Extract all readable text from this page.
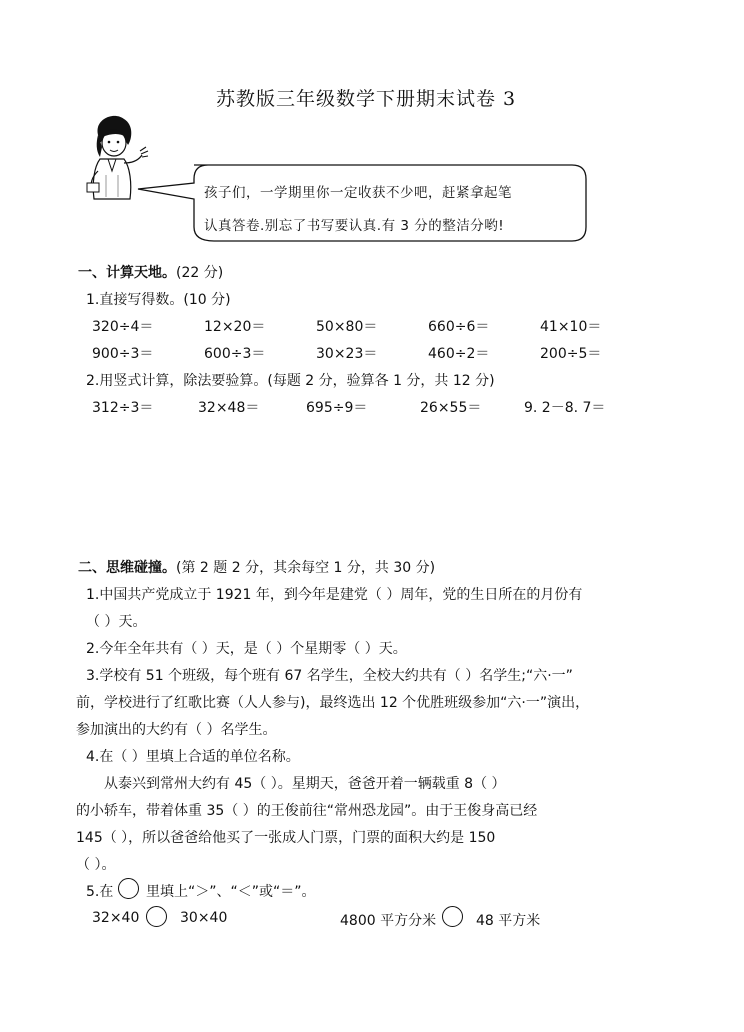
苏教版三年级数学下册期末试卷 3
孩子们，一学期里你一定收获不少吧，赶紧拿起笔
认真答卷.别忘了书写要认真.有 3 分的整洁分哟!
一、计算天地。(22 分)
1.直接写得数。(10 分)
320÷4＝	12×20＝	50×80＝	660÷6＝	41×10＝
900÷3＝	600÷3＝	30×23＝	460÷2＝	200÷5＝
2.用竖式计算，除法要验算。(每题 2 分，验算各 1 分，共 12 分)
312÷3＝	32×48＝	695÷9＝	26×55＝	9. 2－8. 7＝
二、思维碰撞。(第 2 题 2 分，其余每空 1 分，共 30 分)
1.中国共产党成立于 1921 年，到今年是建党（ ）周年，党的生日所在的月份有
（ ）天。
2.今年全年共有（ ）天，是（ ）个星期零（ ）天。
3.学校有 51 个班级，每个班有 67 名学生，全校大约共有（ ）名学生;“六·一”
前，学校进行了红歌比赛（人人参与)，最终选出 12 个优胜班级参加“六·一”演出，
参加演出的大约有（ ）名学生。
4.在（ ）里填上合适的单位名称。
从泰兴到常州大约有 45（ ）。星期天，爸爸开着一辆载重 8（ ）
的小轿车，带着体重 35（ ）的王俊前往“常州恐龙园”。由于王俊身高已经
145（ ），所以爸爸给他买了一张成人门票，门票的面积大约是 150
（ ）。
5.在 里填上“＞”、“＜”或“＝”。
32×40	30×40	4800 平方分米	48 平方米
